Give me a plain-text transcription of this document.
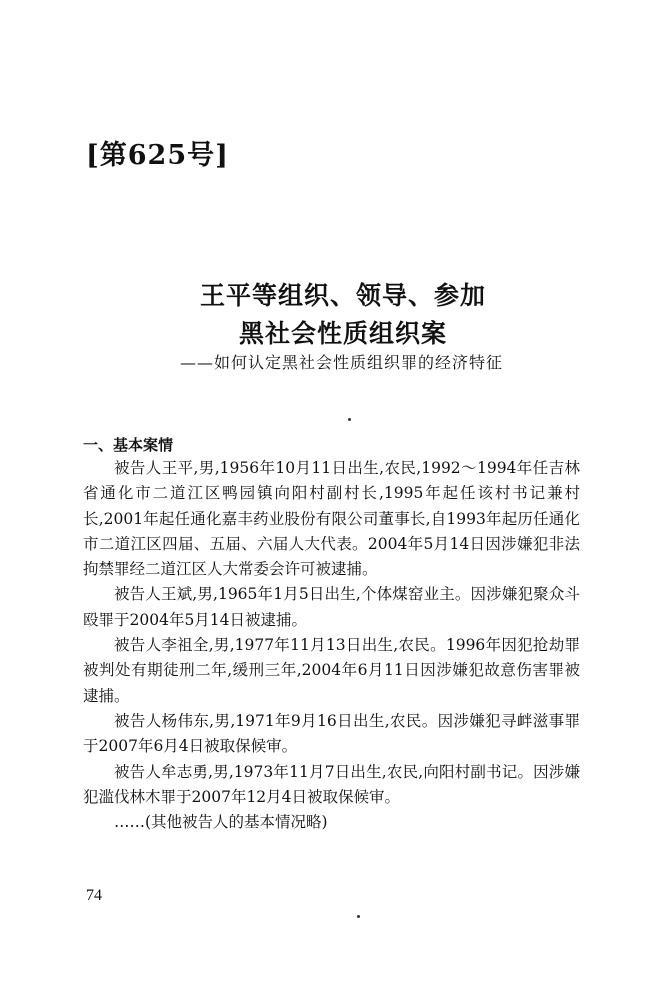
[第625号]
王平等组织、领导、参加
黑社会性质组织案
——如何认定黑社会性质组织罪的经济特征
一、基本案情

被告人王平,男,1956年10月11日出生,农民,1992～1994年任吉林省通化市二道江区鸭园镇向阳村副村长,1995年起任该村书记兼村长,2001年起任通化嘉丰药业股份有限公司董事长,自1993年起历任通化市二道江区四届、五届、六届人大代表。2004年5月14日因涉嫌犯非法拘禁罪经二道江区人大常委会许可被逮捕。

被告人王斌,男,1965年1月5日出生,个体煤窑业主。因涉嫌犯聚众斗殴罪于2004年5月14日被逮捕。

被告人李祖全,男,1977年11月13日出生,农民。1996年因犯抢劫罪被判处有期徒刑二年,缓刑三年,2004年6月11日因涉嫌犯故意伤害罪被逮捕。

被告人杨伟东,男,1971年9月16日出生,农民。因涉嫌犯寻衅滋事罪于2007年6月4日被取保候审。

被告人牟志勇,男,1973年11月7日出生,农民,向阳村副书记。因涉嫌犯滥伐林木罪于2007年12月4日被取保候审。

……(其他被告人的基本情况略)

74
